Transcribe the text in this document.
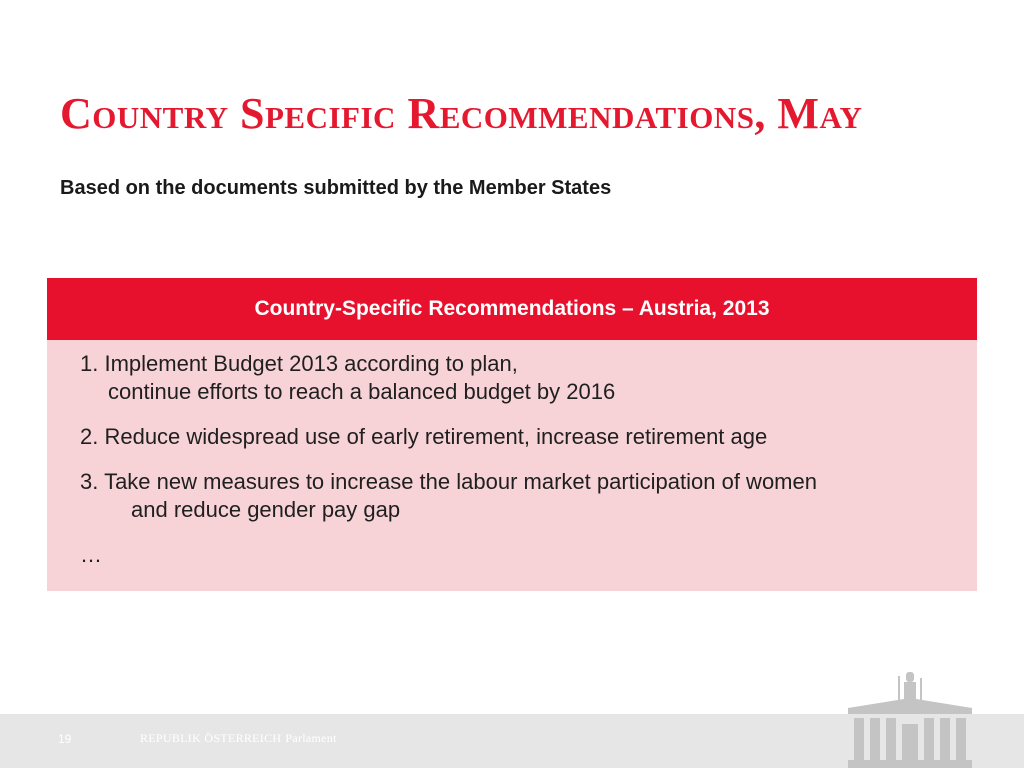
Country Specific Recommendations, May

Based on the documents submitted by the Member States

Country-Specific Recommendations – Austria, 2013
1. Implement Budget 2013 according to plan,
continue efforts to reach a balanced budget by 2016
2. Reduce widespread use of early retirement, increase retirement age
3. Take new measures to increase the labour market participation of women
and reduce gender pay gap
…
19	REPUBLIK ÖSTERREICH Parlament
